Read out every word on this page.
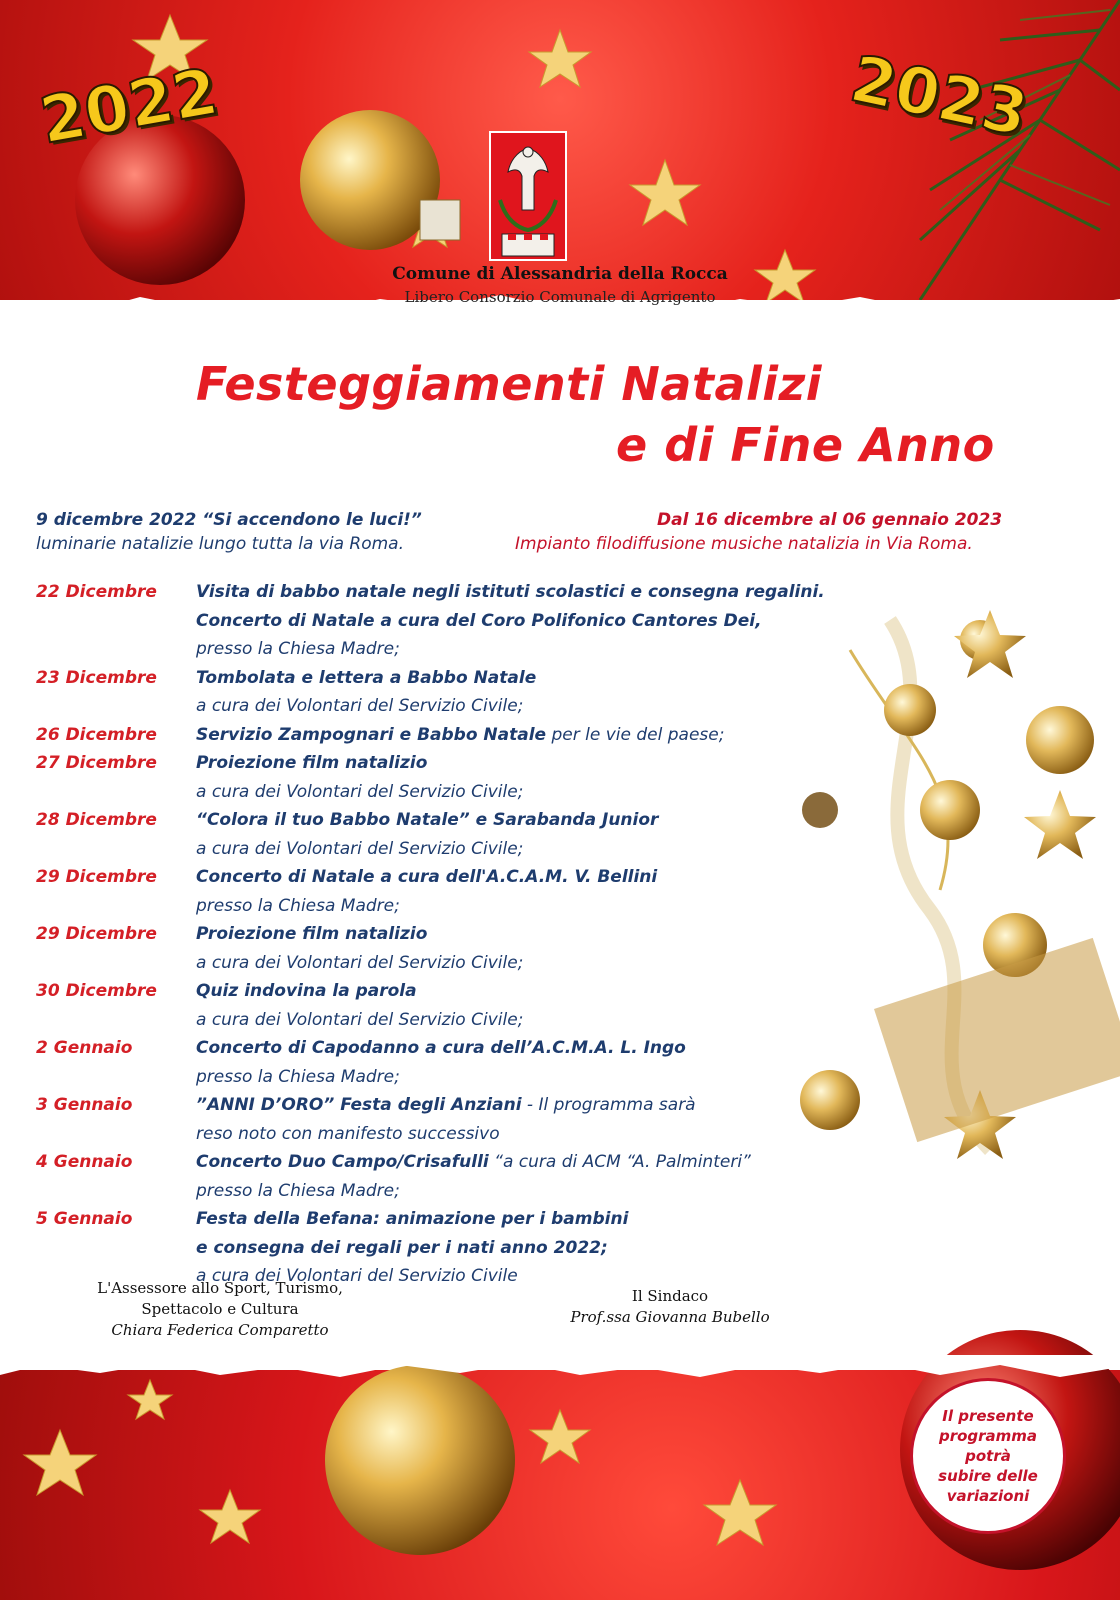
2022	2023
Comune di Alessandria della Rocca
Libero Consorzio Comunale di Agrigento
Festeggiamenti Natalizi
e di Fine Anno
9 dicembre 2022 “Si accendono le luci!”
luminarie natalizie lungo tutta la via Roma.
Dal 16 dicembre al 06 gennaio 2023
Impianto filodiffusione musiche natalizia in Via Roma.
22 Dicembre	Visita di babbo natale negli istituti scolastici e consegna regalini.
Concerto di Natale a cura del Coro Polifonico Cantores Dei,
presso la Chiesa Madre;
23 Dicembre	Tombolata e lettera a Babbo Natale
a cura dei Volontari del Servizio Civile;
26 Dicembre	Servizio Zampognari e Babbo Natale per le vie del paese;
27 Dicembre	Proiezione film natalizio
a cura dei Volontari del Servizio Civile;
28 Dicembre	“Colora il tuo Babbo Natale” e Sarabanda Junior
a cura dei Volontari del Servizio Civile;
29 Dicembre	Concerto di Natale a cura dell'A.C.A.M. V. Bellini
presso la Chiesa Madre;
29 Dicembre	Proiezione film natalizio
a cura dei Volontari del Servizio Civile;
30 Dicembre	Quiz indovina la parola
a cura dei Volontari del Servizio Civile;
2 Gennaio	Concerto di Capodanno a cura dell’A.C.M.A. L. Ingo
presso la Chiesa Madre;
3 Gennaio	”ANNI D’ORO” Festa degli Anziani - Il programma sarà
reso noto con manifesto successivo
4 Gennaio	Concerto Duo Campo/Crisafulli “a cura di ACM “A. Palminteri”
presso la Chiesa Madre;
5 Gennaio	Festa della Befana: animazione per i bambini
e consegna dei regali per i nati anno 2022;
a cura dei Volontari del Servizio Civile
L'Assessore allo Sport, Turismo,
Spettacolo e Cultura
Chiara Federica Comparetto
Il Sindaco
Prof.ssa Giovanna Bubello
Il presente programma potrà subire delle variazioni
